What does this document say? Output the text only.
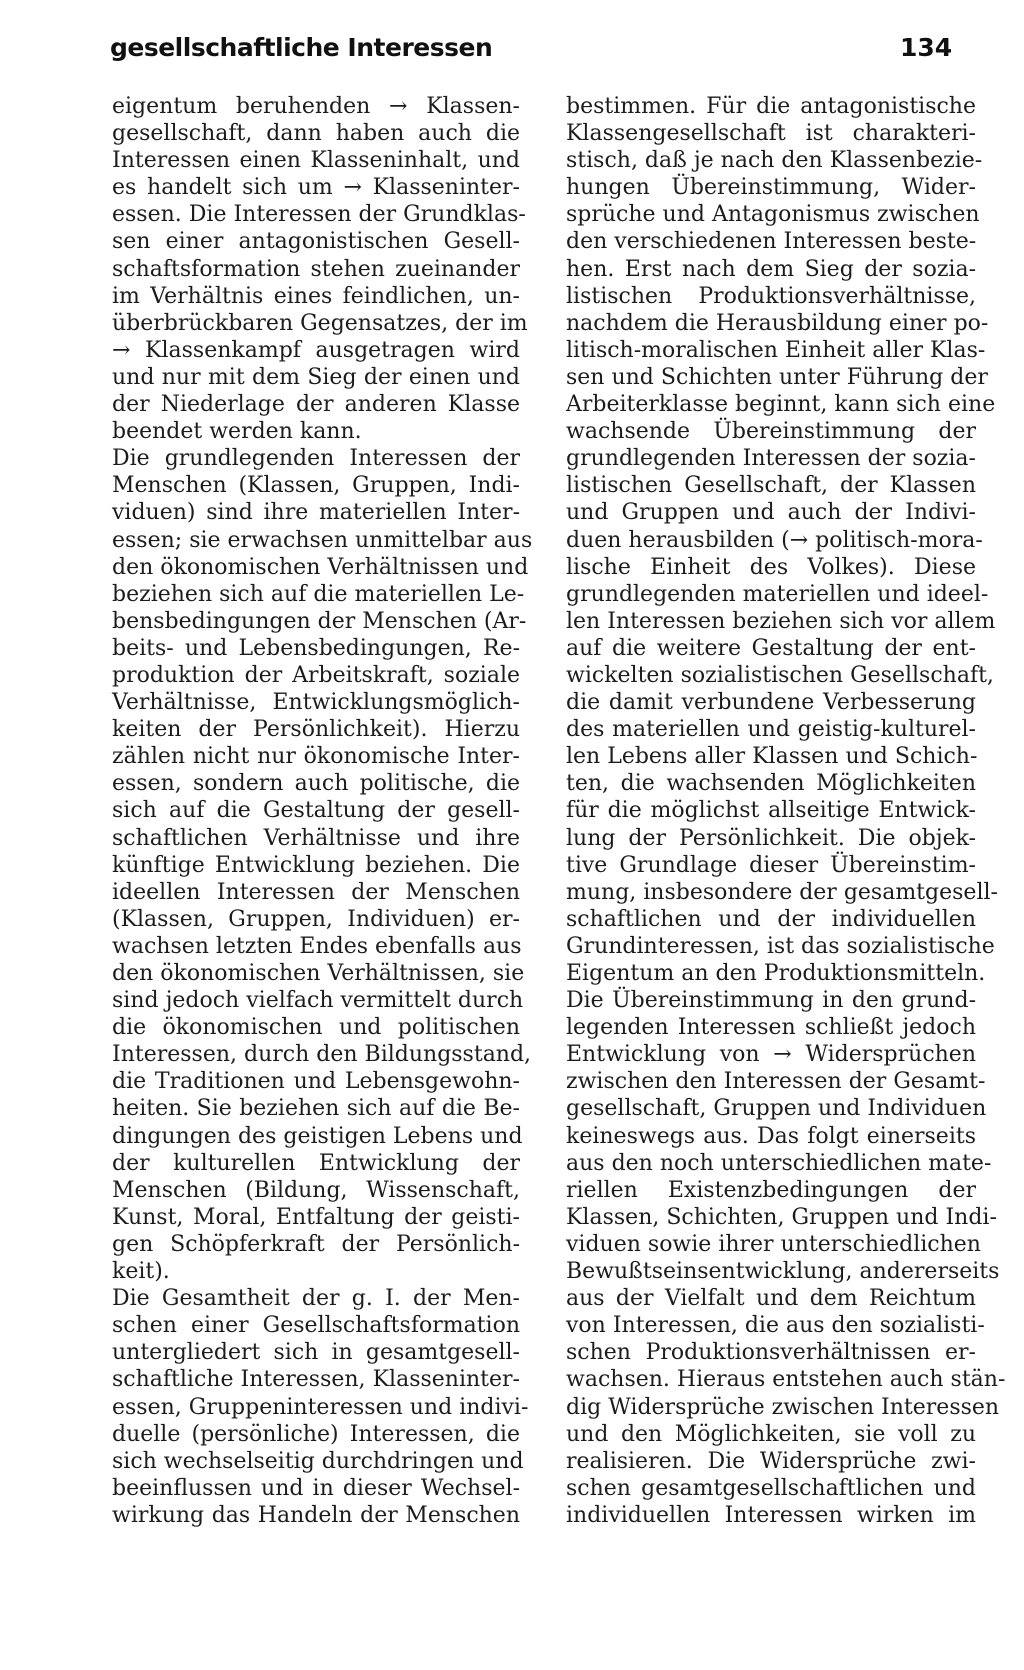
gesellschaftliche Interessen	134
eigentum beruhenden → Klassen-
gesellschaft, dann haben auch die
Interessen einen Klasseninhalt, und
es handelt sich um → Klasseninter-
essen. Die Interessen der Grundklas-
sen einer antagonistischen Gesell-
schaftsformation stehen zueinander
im Verhältnis eines feindlichen, un-
überbrückbaren Gegensatzes, der im
→ Klassenkampf ausgetragen wird
und nur mit dem Sieg der einen und
der Niederlage der anderen Klasse
beendet werden kann.
Die grundlegenden Interessen der
Menschen (Klassen, Gruppen, Indi-
viduen) sind ihre materiellen Inter-
essen; sie erwachsen unmittelbar aus
den ökonomischen Verhältnissen und
beziehen sich auf die materiellen Le-
bensbedingungen der Menschen (Ar-
beits- und Lebensbedingungen, Re-
produktion der Arbeitskraft, soziale
Verhältnisse, Entwicklungsmöglich-
keiten der Persönlichkeit). Hierzu
zählen nicht nur ökonomische Inter-
essen, sondern auch politische, die
sich auf die Gestaltung der gesell-
schaftlichen Verhältnisse und ihre
künftige Entwicklung beziehen. Die
ideellen Interessen der Menschen
(Klassen, Gruppen, Individuen) er-
wachsen letzten Endes ebenfalls aus
den ökonomischen Verhältnissen, sie
sind jedoch vielfach vermittelt durch
die ökonomischen und politischen
Interessen, durch den Bildungsstand,
die Traditionen und Lebensgewohn-
heiten. Sie beziehen sich auf die Be-
dingungen des geistigen Lebens und
der kulturellen Entwicklung der
Menschen (Bildung, Wissenschaft,
Kunst, Moral, Entfaltung der geisti-
gen Schöpferkraft der Persönlich-
keit).
Die Gesamtheit der g. I. der Men-
schen einer Gesellschaftsformation
untergliedert sich in gesamtgesell-
schaftliche Interessen, Klasseninter-
essen, Gruppeninteressen und indivi-
duelle (persönliche) Interessen, die
sich wechselseitig durchdringen und
beeinflussen und in dieser Wechsel-
wirkung das Handeln der Menschen
bestimmen. Für die antagonistische
Klassengesellschaft ist charakteri-
stisch, daß je nach den Klassenbezie-
hungen Übereinstimmung, Wider-
sprüche und Antagonismus zwischen
den verschiedenen Interessen beste-
hen. Erst nach dem Sieg der sozia-
listischen Produktionsverhältnisse,
nachdem die Herausbildung einer po-
litisch-moralischen Einheit aller Klas-
sen und Schichten unter Führung der
Arbeiterklasse beginnt, kann sich eine
wachsende Übereinstimmung der
grundlegenden Interessen der sozia-
listischen Gesellschaft, der Klassen
und Gruppen und auch der Indivi-
duen herausbilden (→ politisch-mora-
lische Einheit des Volkes). Diese
grundlegenden materiellen und ideel-
len Interessen beziehen sich vor allem
auf die weitere Gestaltung der ent-
wickelten sozialistischen Gesellschaft,
die damit verbundene Verbesserung
des materiellen und geistig-kulturel-
len Lebens aller Klassen und Schich-
ten, die wachsenden Möglichkeiten
für die möglichst allseitige Entwick-
lung der Persönlichkeit. Die objek-
tive Grundlage dieser Übereinstim-
mung, insbesondere der gesamtgesell-
schaftlichen und der individuellen
Grundinteressen, ist das sozialistische
Eigentum an den Produktionsmitteln.
Die Übereinstimmung in den grund-
legenden Interessen schließt jedoch
Entwicklung von → Widersprüchen
zwischen den Interessen der Gesamt-
gesellschaft, Gruppen und Individuen
keineswegs aus. Das folgt einerseits
aus den noch unterschiedlichen mate-
riellen Existenzbedingungen der
Klassen, Schichten, Gruppen und Indi-
viduen sowie ihrer unterschiedlichen
Bewußtseinsentwicklung, andererseits
aus der Vielfalt und dem Reichtum
von Interessen, die aus den sozialisti-
schen Produktionsverhältnissen er-
wachsen. Hieraus entstehen auch stän-
dig Widersprüche zwischen Interessen
und den Möglichkeiten, sie voll zu
realisieren. Die Widersprüche zwi-
schen gesamtgesellschaftlichen und
individuellen Interessen wirken im
